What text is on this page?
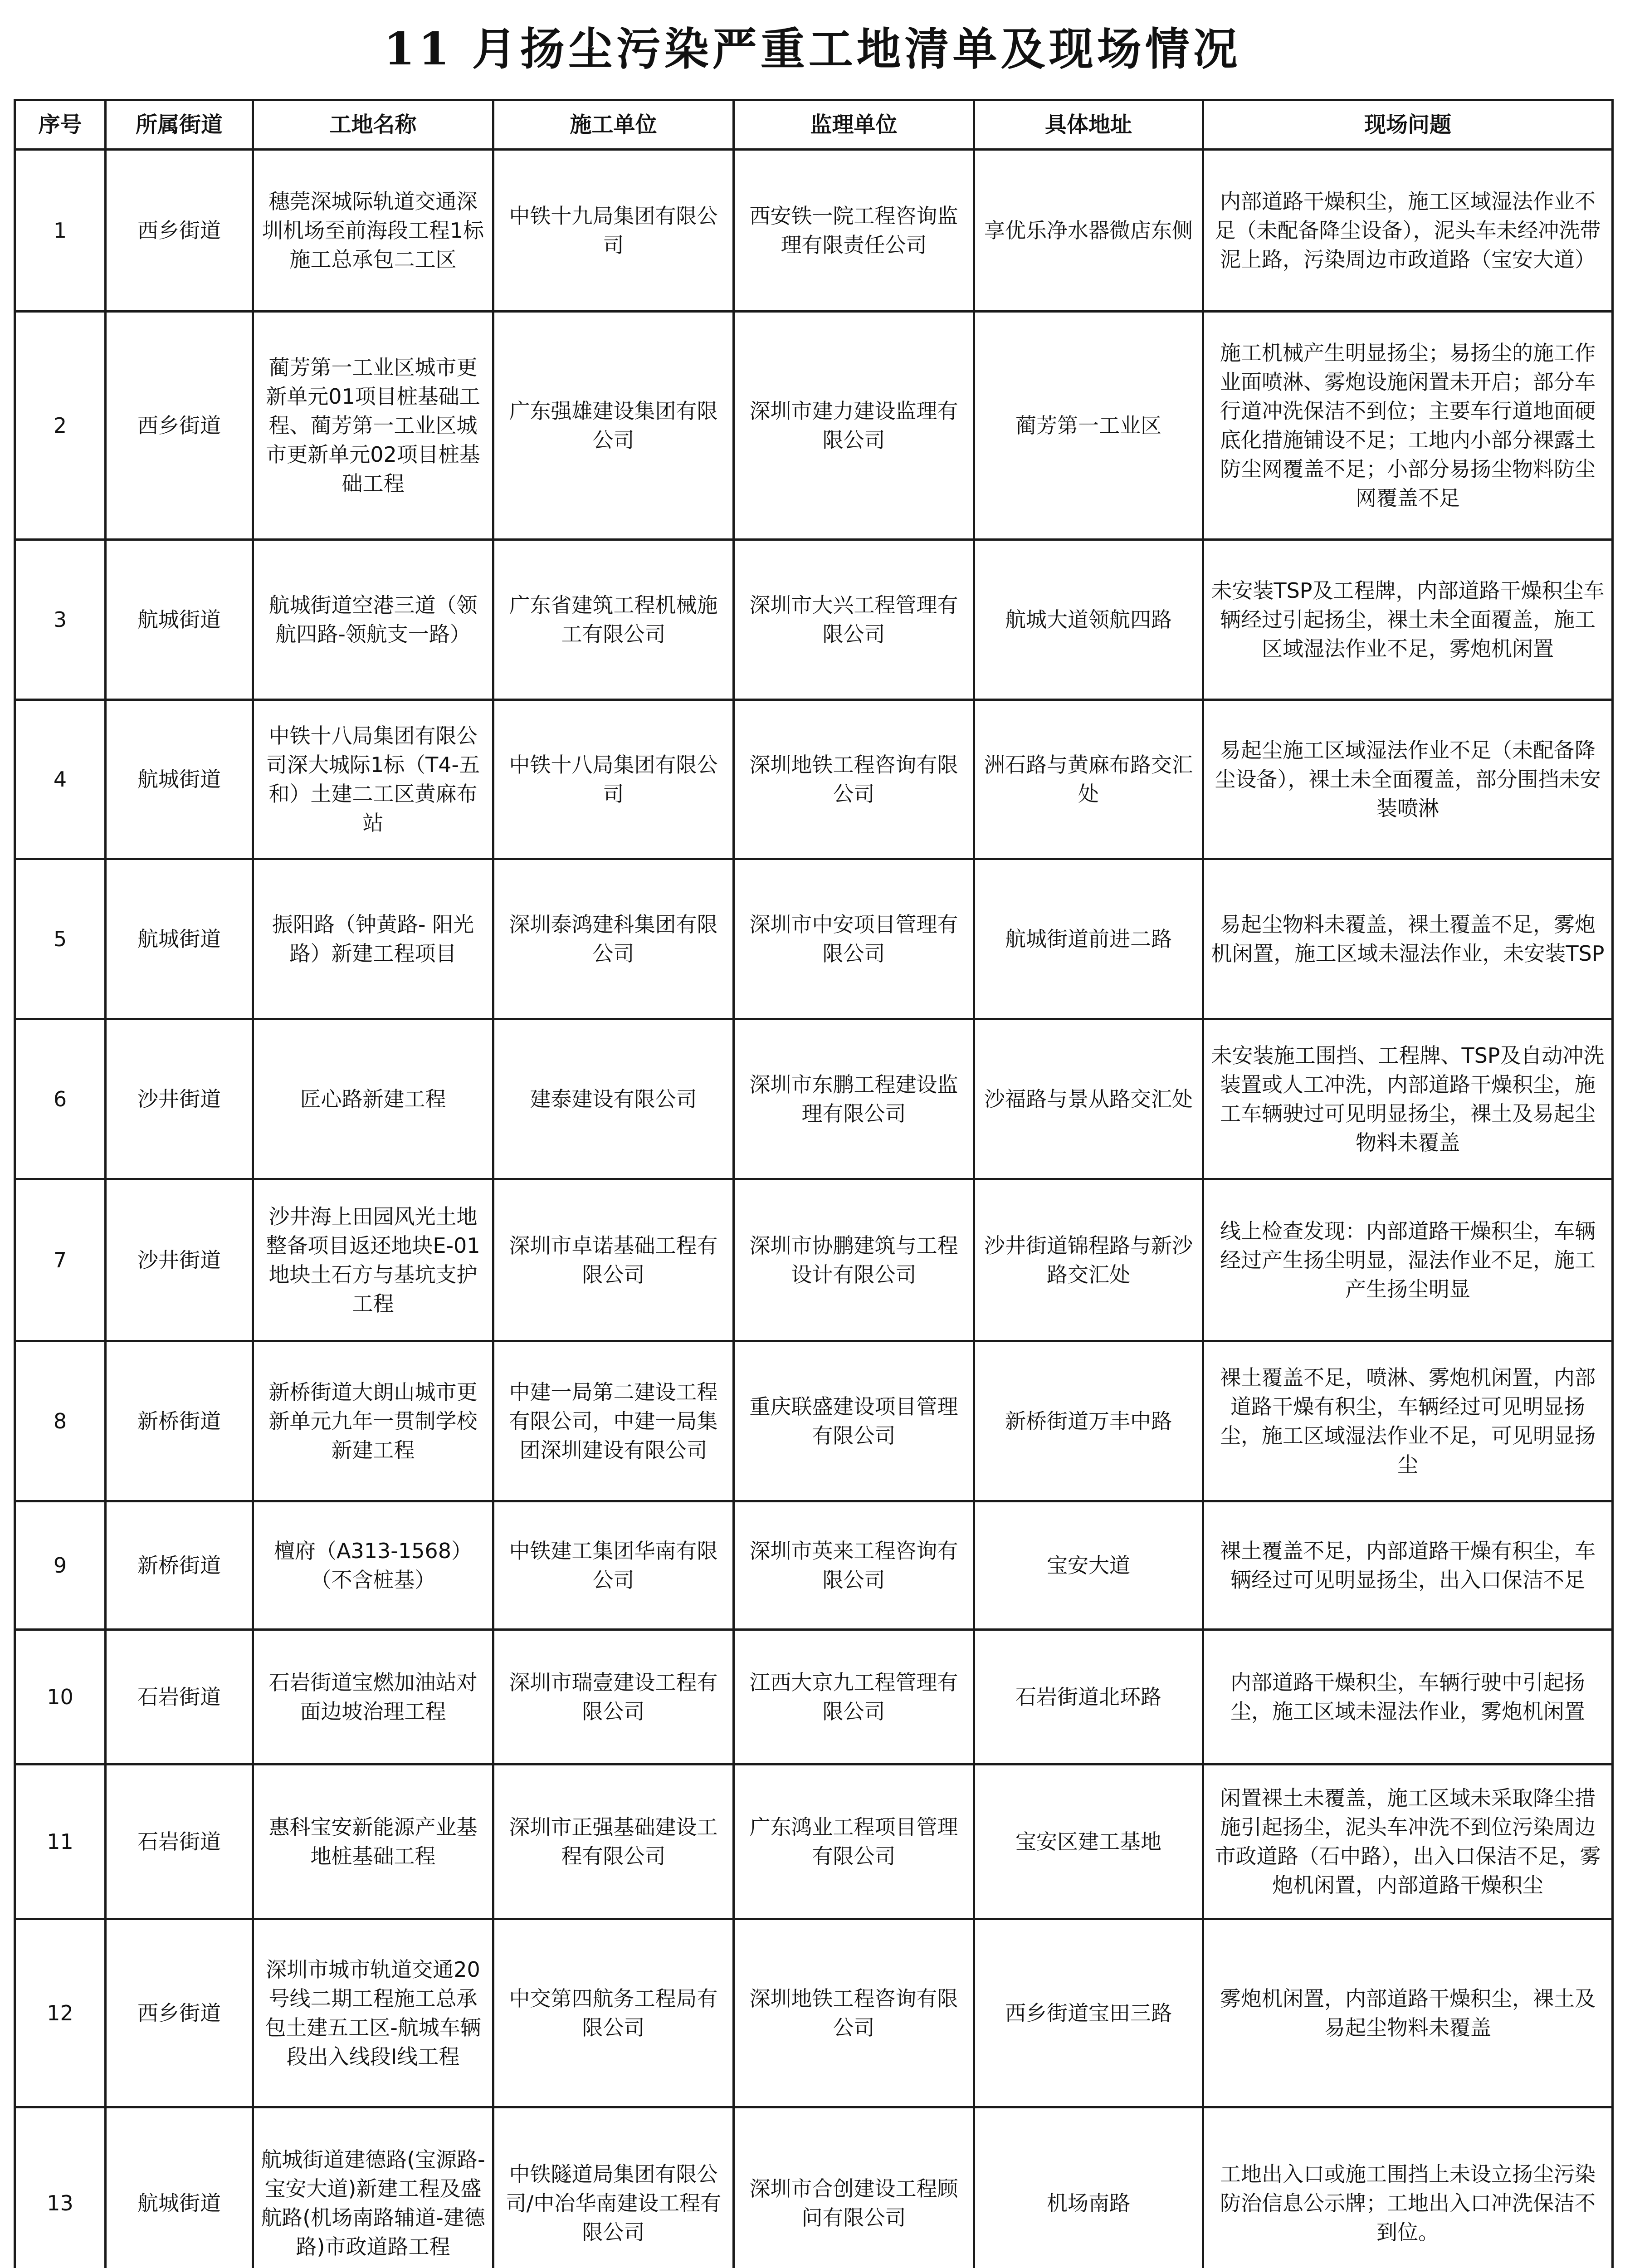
11 月扬尘污染严重工地清单及现场情况
序号	所属街道	工地名称	施工单位	监理单位	具体地址	现场问题
1	西乡街道	穗莞深城际轨道交通深圳机场至前海段工程1标施工总承包二工区	中铁十九局集团有限公司	西安铁一院工程咨询监理有限责任公司	享优乐净水器微店东侧	内部道路干燥积尘，施工区域湿法作业不足（未配备降尘设备），泥头车未经冲洗带泥上路，污染周边市政道路（宝安大道）
2	西乡街道	蔺芳第一工业区城市更新单元01项目桩基础工程、蔺芳第一工业区城市更新单元02项目桩基础工程	广东强雄建设集团有限公司	深圳市建力建设监理有限公司	蔺芳第一工业区	施工机械产生明显扬尘；易扬尘的施工作业面喷淋、雾炮设施闲置未开启；部分车行道冲洗保洁不到位；主要车行道地面硬底化措施铺设不足；工地内小部分裸露土防尘网覆盖不足；小部分易扬尘物料防尘网覆盖不足
3	航城街道	航城街道空港三道（领航四路-领航支一路）	广东省建筑工程机械施工有限公司	深圳市大兴工程管理有限公司	航城大道领航四路	未安装TSP及工程牌，内部道路干燥积尘车辆经过引起扬尘，裸土未全面覆盖，施工区域湿法作业不足，雾炮机闲置
4	航城街道	中铁十八局集团有限公司深大城际1标（T4-五和）土建二工区黄麻布站	中铁十八局集团有限公司	深圳地铁工程咨询有限公司	洲石路与黄麻布路交汇处	易起尘施工区域湿法作业不足（未配备降尘设备），裸土未全面覆盖，部分围挡未安装喷淋
5	航城街道	振阳路（钟黄路- 阳光路）新建工程项目	深圳泰鸿建科集团有限公司	深圳市中安项目管理有限公司	航城街道前进二路	易起尘物料未覆盖，裸土覆盖不足，雾炮机闲置，施工区域未湿法作业，未安装TSP
6	沙井街道	匠心路新建工程	建泰建设有限公司	深圳市东鹏工程建设监理有限公司	沙福路与景从路交汇处	未安装施工围挡、工程牌、TSP及自动冲洗装置或人工冲洗，内部道路干燥积尘，施工车辆驶过可见明显扬尘，裸土及易起尘物料未覆盖
7	沙井街道	沙井海上田园风光土地整备项目返还地块E-01地块土石方与基坑支护工程	深圳市卓诺基础工程有限公司	深圳市协鹏建筑与工程设计有限公司	沙井街道锦程路与新沙路交汇处	线上检查发现：内部道路干燥积尘，车辆经过产生扬尘明显，湿法作业不足，施工产生扬尘明显
8	新桥街道	新桥街道大朗山城市更新单元九年一贯制学校新建工程	中建一局第二建设工程有限公司，中建一局集团深圳建设有限公司	重庆联盛建设项目管理有限公司	新桥街道万丰中路	裸土覆盖不足，喷淋、雾炮机闲置，内部道路干燥有积尘，车辆经过可见明显扬尘，施工区域湿法作业不足，可见明显扬尘
9	新桥街道	檀府（A313-1568）（不含桩基）	中铁建工集团华南有限公司	深圳市英来工程咨询有限公司	宝安大道	裸土覆盖不足，内部道路干燥有积尘，车辆经过可见明显扬尘，出入口保洁不足
10	石岩街道	石岩街道宝燃加油站对面边坡治理工程	深圳市瑞壹建设工程有限公司	江西大京九工程管理有限公司	石岩街道北环路	内部道路干燥积尘，车辆行驶中引起扬尘，施工区域未湿法作业，雾炮机闲置
11	石岩街道	惠科宝安新能源产业基地桩基础工程	深圳市正强基础建设工程有限公司	广东鸿业工程项目管理有限公司	宝安区建工基地	闲置裸土未覆盖，施工区域未采取降尘措施引起扬尘，泥头车冲洗不到位污染周边市政道路（石中路），出入口保洁不足，雾炮机闲置，内部道路干燥积尘
12	西乡街道	深圳市城市轨道交通20号线二期工程施工总承包土建五工区-航城车辆段出入线段Ⅰ线工程	中交第四航务工程局有限公司	深圳地铁工程咨询有限公司	西乡街道宝田三路	雾炮机闲置，内部道路干燥积尘，裸土及易起尘物料未覆盖
13	航城街道	航城街道建德路(宝源路-宝安大道)新建工程及盛航路(机场南路辅道-建德路)市政道路工程	中铁隧道局集团有限公司/中冶华南建设工程有限公司	深圳市合创建设工程顾问有限公司	机场南路	工地出入口或施工围挡上未设立扬尘污染防治信息公示牌；工地出入口冲洗保洁不到位。
